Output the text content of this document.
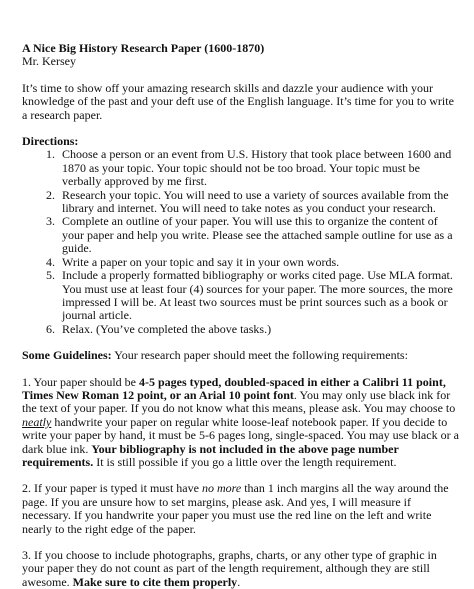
A Nice Big History Research Paper (1600-1870)

Mr. Kersey

It’s time to show off your amazing research skills and dazzle your audience with your knowledge of the past and your deft use of the English language. It’s time for you to write a research paper.

Directions:

1. Choose a person or an event from U.S. History that took place between 1600 and 1870 as your topic. Your topic should not be too broad. Your topic must be verbally approved by me first.
2. Research your topic. You will need to use a variety of sources available from the library and internet. You will need to take notes as you conduct your research.
3. Complete an outline of your paper. You will use this to organize the content of your paper and help you write. Please see the attached sample outline for use as a guide.
4. Write a paper on your topic and say it in your own words.
5. Include a properly formatted bibliography or works cited page. Use MLA format. You must use at least four (4) sources for your paper. The more sources, the more impressed I will be. At least two sources must be print sources such as a book or journal article.
6. Relax. (You’ve completed the above tasks.)

Some Guidelines: Your research paper should meet the following requirements:

1. Your paper should be 4-5 pages typed, doubled-spaced in either a Calibri 11 point, Times New Roman 12 point, or an Arial 10 point font. You may only use black ink for the text of your paper. If you do not know what this means, please ask. You may choose to neatly handwrite your paper on regular white loose-leaf notebook paper. If you decide to write your paper by hand, it must be 5-6 pages long, single-spaced. You may use black or a dark blue ink. Your bibliography is not included in the above page number requirements. It is still possible if you go a little over the length requirement.

2. If your paper is typed it must have no more than 1 inch margins all the way around the page. If you are unsure how to set margins, please ask. And yes, I will measure if necessary. If you handwrite your paper you must use the red line on the left and write nearly to the right edge of the paper.

3. If you choose to include photographs, graphs, charts, or any other type of graphic in your paper they do not count as part of the length requirement, although they are still awesome. Make sure to cite them properly.
